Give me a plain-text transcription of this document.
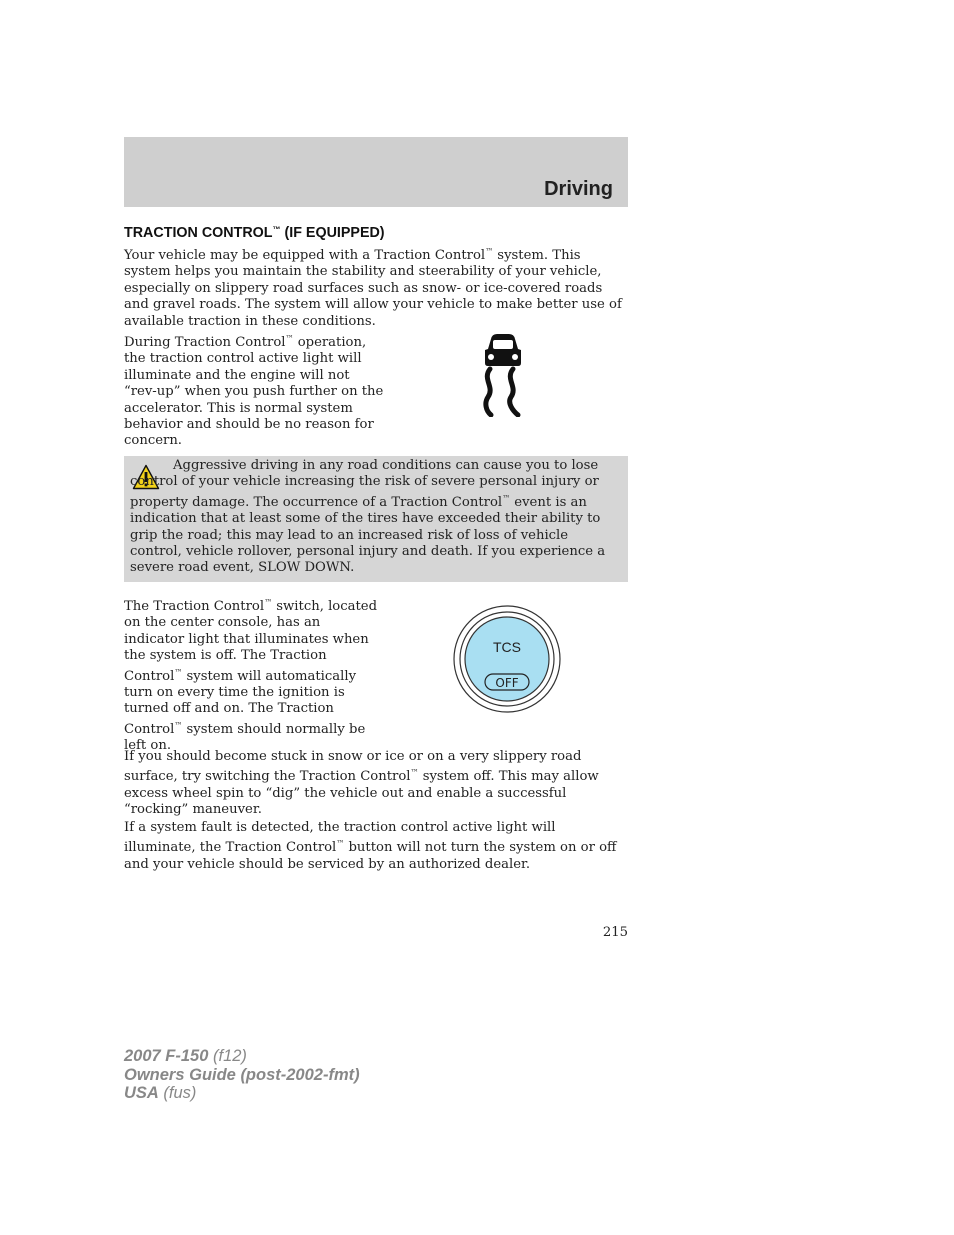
Driving
TRACTION CONTROL™ (IF EQUIPPED)

Your vehicle may be equipped with a Traction Control™ system. This system helps you maintain the stability and steerability of your vehicle, especially on slippery road surfaces such as snow- or ice-covered roads and gravel roads. The system will allow your vehicle to make better use of available traction in these conditions.

During Traction Control™ operation, the traction control active light will illuminate and the engine will not “rev-up” when you push further on the accelerator. This is normal system behavior and should be no reason for concern.

Aggressive driving in any road conditions can cause you to lose control of your vehicle increasing the risk of severe personal injury or property damage. The occurrence of a Traction Control™ event is an indication that at least some of the tires have exceeded their ability to grip the road; this may lead to an increased risk of loss of vehicle control, vehicle rollover, personal injury and death. If you experience a severe road event, SLOW DOWN.

The Traction Control™ switch, located on the center console, has an indicator light that illuminates when the system is off. The Traction Control™ system will automatically turn on every time the ignition is turned off and on. The Traction Control™ system should normally be left on.

TCS
OFF

If you should become stuck in snow or ice or on a very slippery road surface, try switching the Traction Control™ system off. This may allow excess wheel spin to “dig” the vehicle out and enable a successful “rocking” maneuver.

If a system fault is detected, the traction control active light will illuminate, the Traction Control™ button will not turn the system on or off and your vehicle should be serviced by an authorized dealer.

215
2007 F-150 (f12)
Owners Guide (post-2002-fmt)
USA (fus)
